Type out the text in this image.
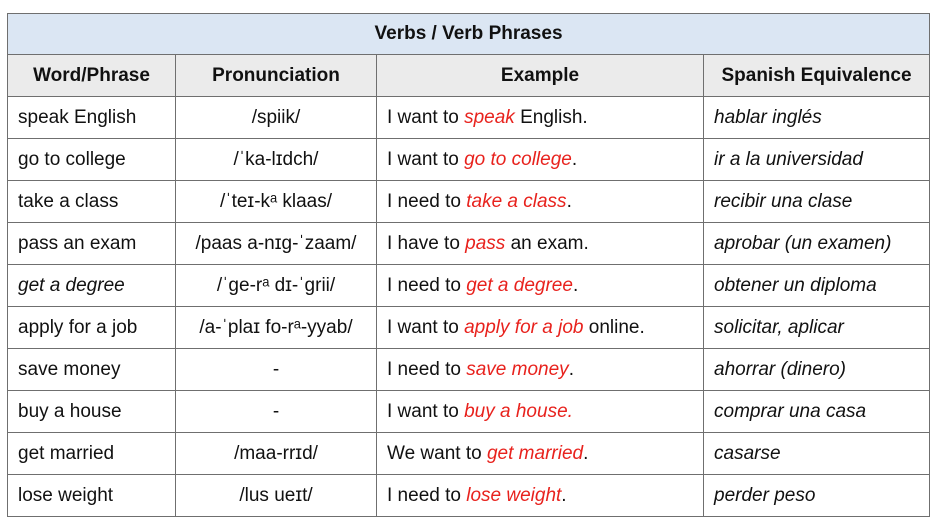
Verbs / Verb Phrases			
Word/Phrase	Pronunciation	Example	Spanish Equivalence
speak English	/spiik/	I want to speak English.	hablar inglés
go to college	/ˈka-lɪdch/	I want to go to college.	ir a la universidad
take a class	/ˈteɪ-kᵃ klaas/	I need to take a class.	recibir una clase
pass an exam	/paas a-nɪg-ˈzaam/	I have to pass an exam.	aprobar (un examen)
get a degree	/ˈge-rᵃ dɪ-ˈgrii/	I need to get a degree.	obtener un diploma
apply for a job	/a-ˈplaɪ fo-rᵃ-yyab/	I want to apply for a job online.	solicitar, aplicar
save money	-	I need to save money.	ahorrar (dinero)
buy a house	-	I want to buy a house.	comprar una casa
get married	/maa-rrɪd/	We want to get married.	casarse
lose weight	/lus ueɪt/	I need to lose weight.	perder peso
